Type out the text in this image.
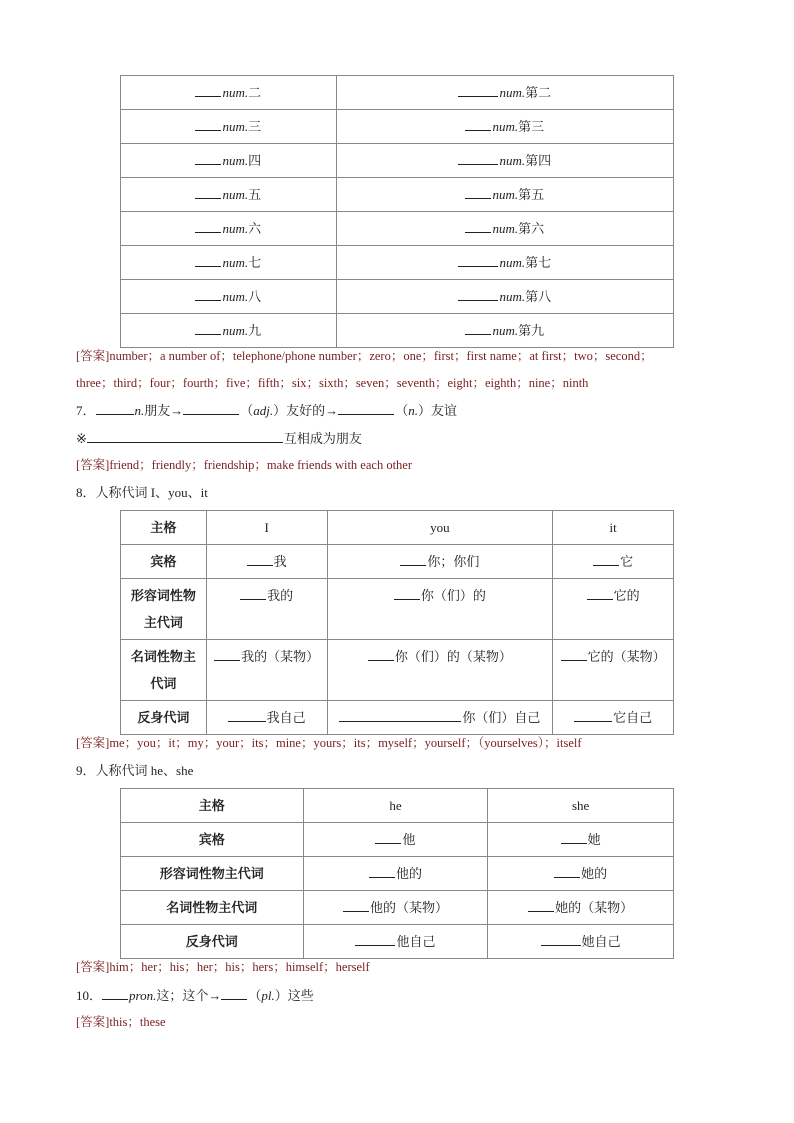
num.二	num.第二
num.三	num.第三
num.四	num.第四
num.五	num.第五
num.六	num.第六
num.七	num.第七
num.八	num.第八
num.九	num.第九
[答案]number；a number of；telephone/phone number；zero；one；first；first name；at first；two；second；
three；third；four；fourth；five；fifth；six；sixth；seven；seventh；eight；eighth；nine；ninth
7．	n.朋友→	（adj.）友好的→	（n.）友谊
※	互相成为朋友
[答案]friend；friendly；friendship；make friends with each other
8．人称代词 I、you、it
主格	I	you	it
宾格	我	你；你们	它
形容词性物主代词	我的	你（们）的	它的
名词性物主代词	我的（某物）	你（们）的（某物）	它的（某物）
反身代词	我自己	你（们）自己	它自己
[答案]me；you；it；my；your；its；mine；yours；its；myself；yourself；（yourselves）；itself
9．人称代词 he、she
主格	he	she
宾格	他	她
形容词性物主代词	他的	她的
名词性物主代词	他的（某物）	她的（某物）
反身代词	他自己	她自己
[答案]him；her；his；her；his；hers；himself；herself
10． pron.这；这个→ （pl.）这些
[答案]this；these
